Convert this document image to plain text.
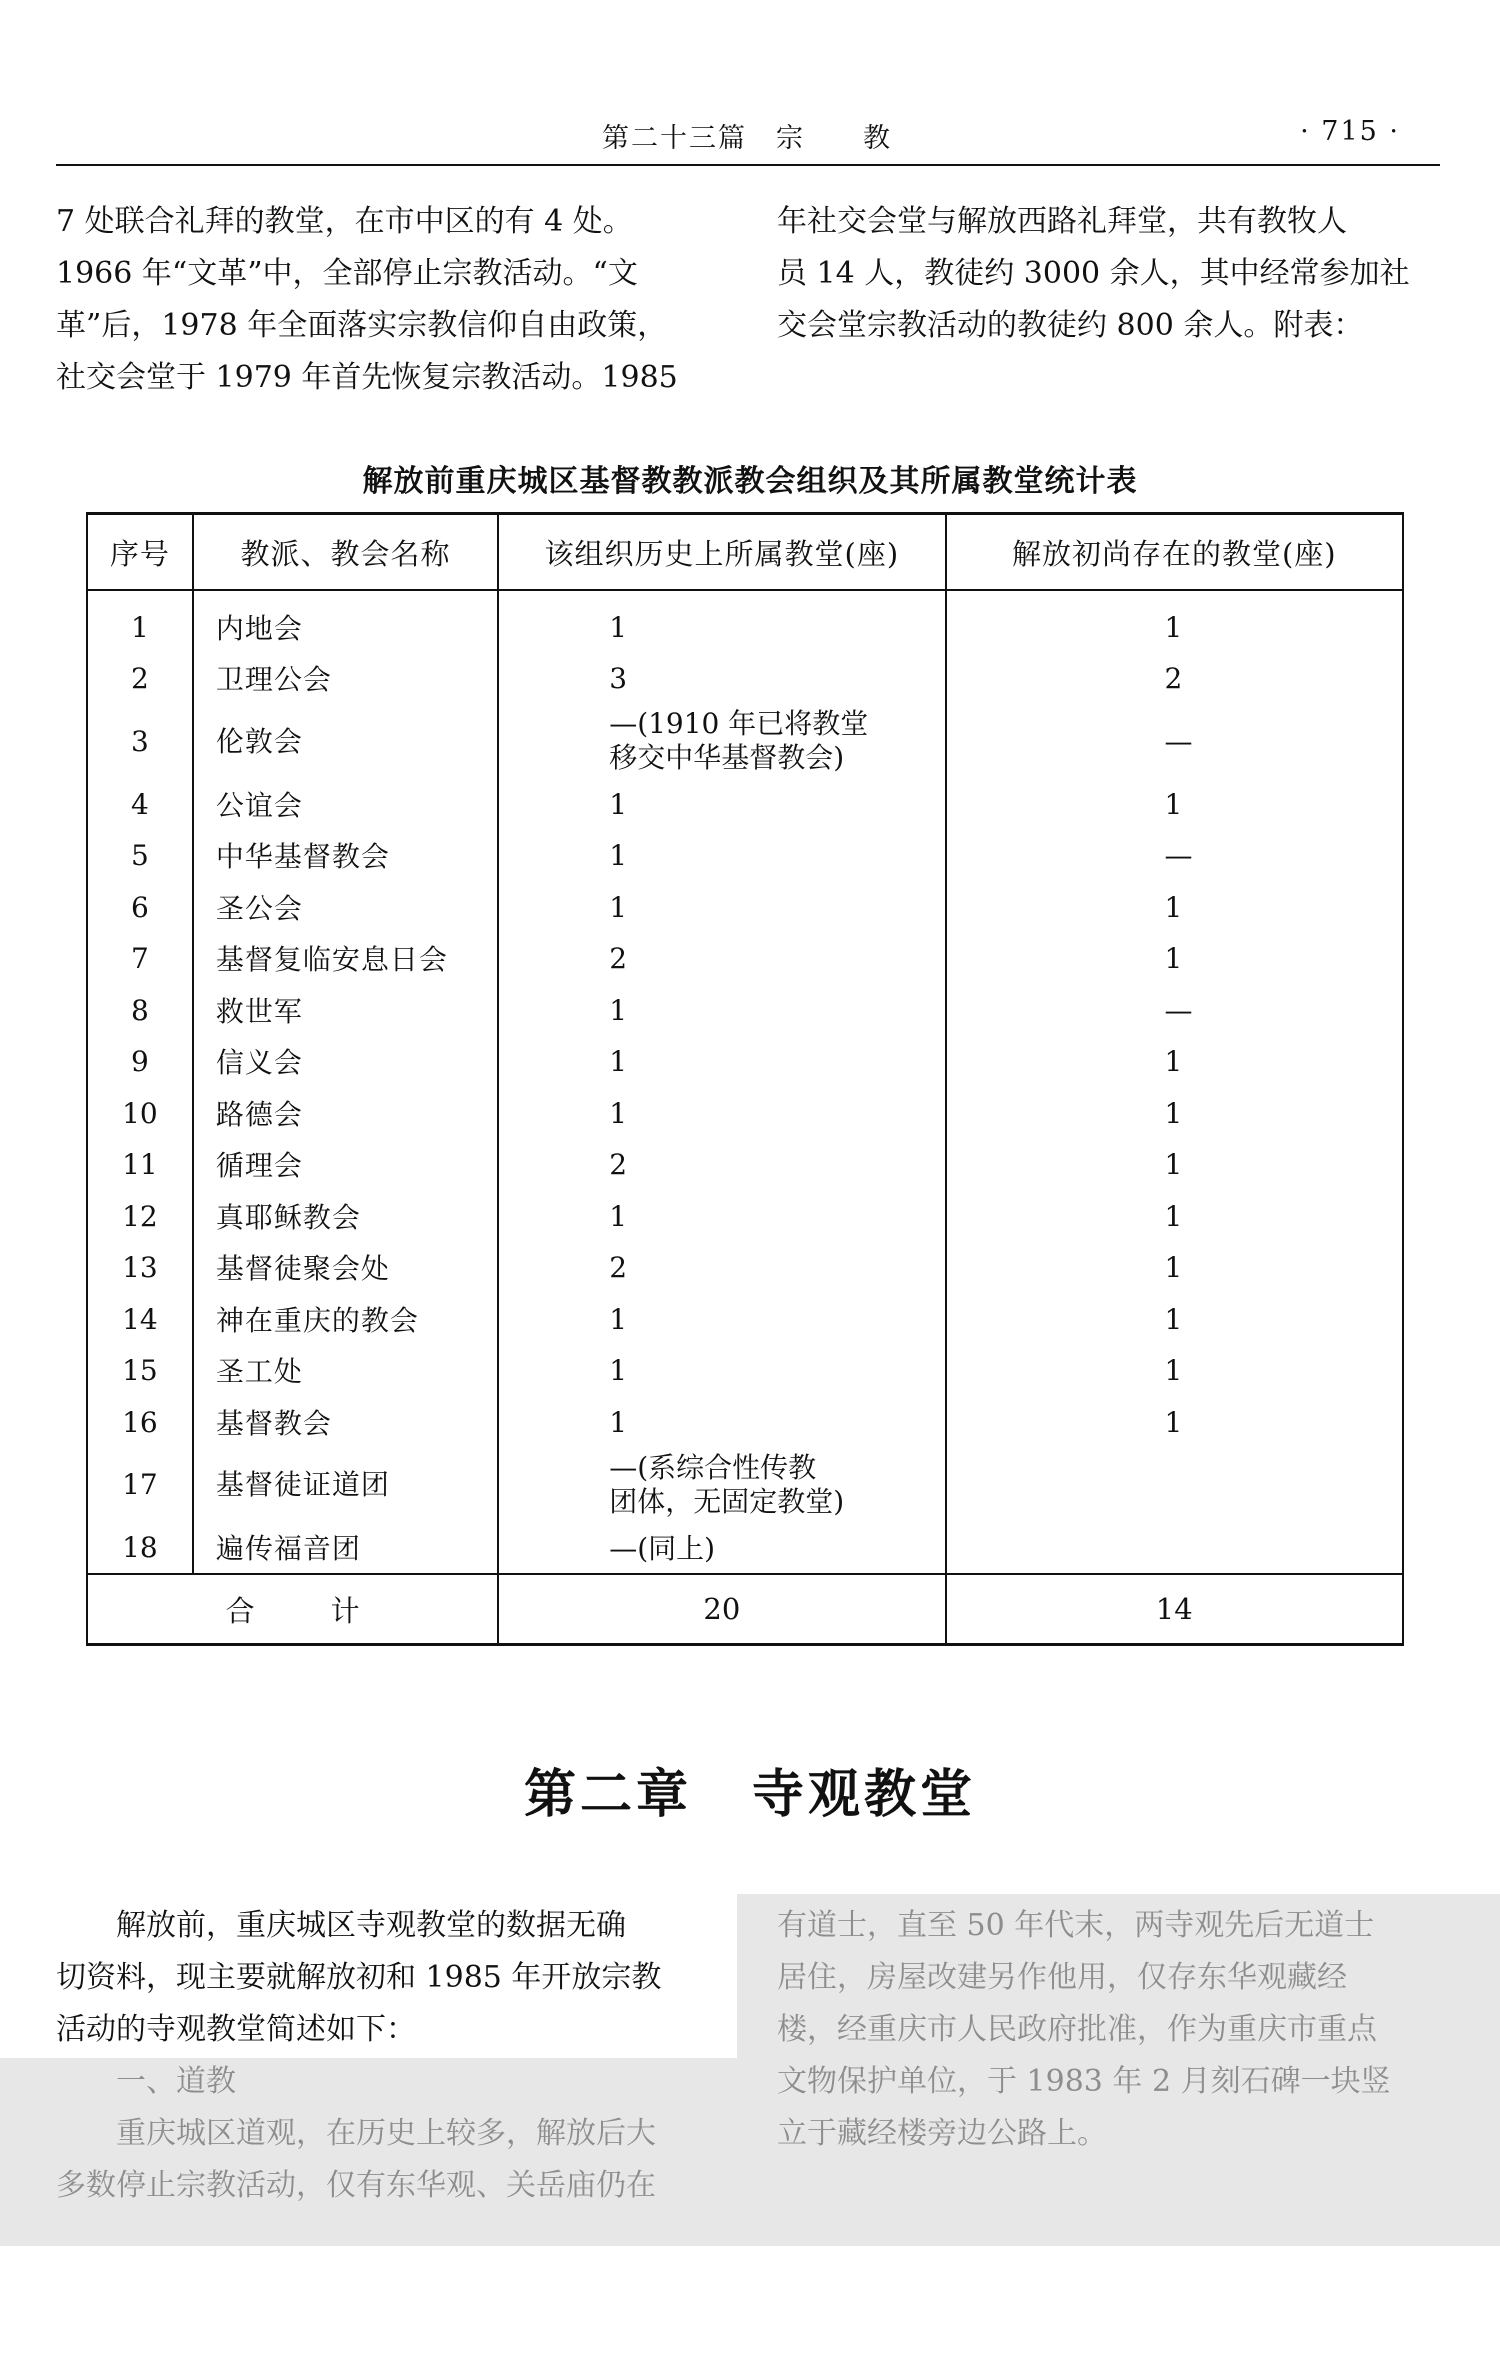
第二十三篇　宗　　教	· 715 ·

7 处联合礼拜的教堂，在市中区的有 4 处。

1966 年“文革”中，全部停止宗教活动。“文

革”后，1978 年全面落实宗教信仰自由政策，

社交会堂于 1979 年首先恢复宗教活动。1985

年社交会堂与解放西路礼拜堂，共有教牧人

员 14 人，教徒约 3000 余人，其中经常参加社

交会堂宗教活动的教徒约 800 余人。附表：

解放前重庆城区基督教教派教会组织及其所属教堂统计表
序号	教派、教会名称	该组织历史上所属教堂(座)	解放初尚存在的教堂(座)
1	内地会	1	1
2	卫理公会	3	2
3	伦敦会	—(1910 年已将教堂
移交中华基督教会)	—
4	公谊会	1	1
5	中华基督教会	1	—
6	圣公会	1	1
7	基督复临安息日会	2	1
8	救世军	1	—
9	信义会	1	1
10	路德会	1	1
11	循理会	2	1
12	真耶稣教会	1	1
13	基督徒聚会处	2	1
14	神在重庆的教会	1	1
15	圣工处	1	1
16	基督教会	1	1
17	基督徒证道团	—(系综合性传教
团体，无固定教堂)	
18	遍传福音团	—(同上)	
合 计		20	14
第二章 寺观教堂

解放前，重庆城区寺观教堂的数据无确

切资料，现主要就解放初和 1985 年开放宗教

活动的寺观教堂简述如下：

一、道教

重庆城区道观，在历史上较多，解放后大

多数停止宗教活动，仅有东华观、关岳庙仍在

有道士，直至 50 年代末，两寺观先后无道士

居住，房屋改建另作他用，仅存东华观藏经

楼，经重庆市人民政府批准，作为重庆市重点

文物保护单位，于 1983 年 2 月刻石碑一块竖

立于藏经楼旁边公路上。
